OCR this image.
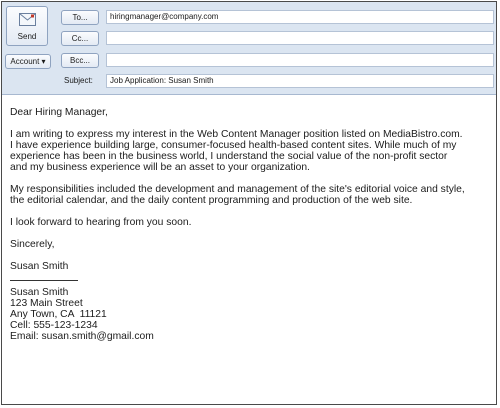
Send
Account ▾
To...	hiringmanager@company.com
Cc...
Bcc...
Subject:	Job Application: Susan Smith

Dear Hiring Manager,

I am writing to express my interest in the Web Content Manager position listed on MediaBistro.com.

I have experience building large, consumer-focused health-based content sites. While much of my

experience has been in the business world, I understand the social value of the non-profit sector

and my business experience will be an asset to your organization.

My responsibilities included the development and management of the site's editorial voice and style,

the editorial calendar, and the daily content programming and production of the web site.

I look forward to hearing from you soon.

Sincerely,

Susan Smith

Susan Smith

123 Main Street

Any Town, CA  11121

Cell: 555-123-1234

Email: susan.smith@gmail.com
